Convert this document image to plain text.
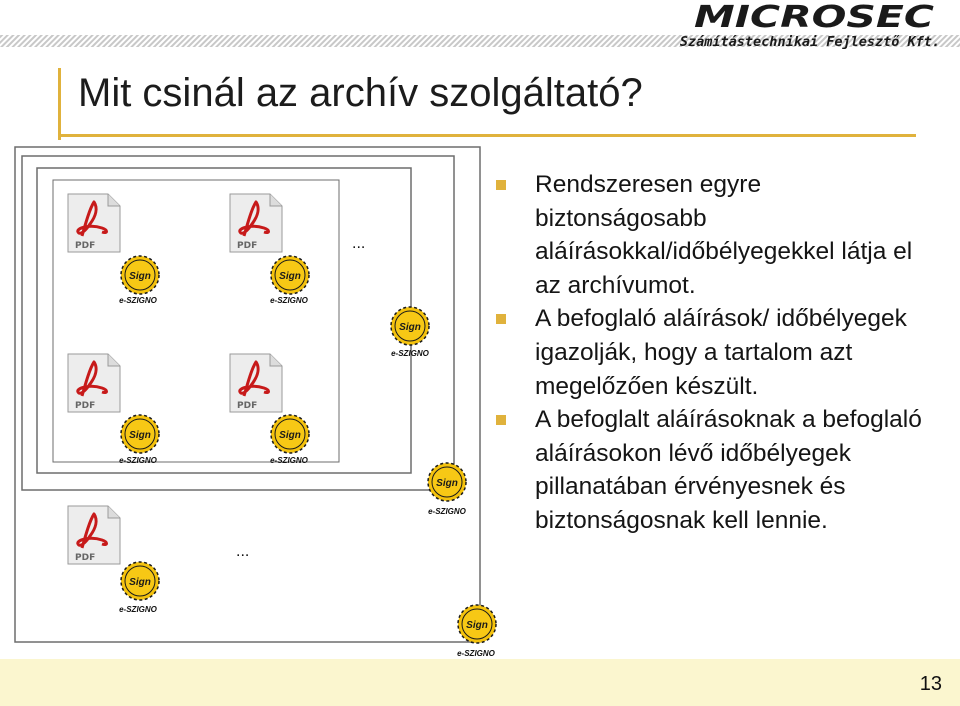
MICROSEC
Számítástechnikai Fejlesztő Kft.
Mit csinál az archív szolgáltató?
PDF
Sign
e-SZIGNO
PDF
Sign
e-SZIGNO
...
Sign
e-SZIGNO
PDF
Sign
e-SZIGNO
PDF
Sign
e-SZIGNO
Sign
e-SZIGNO
PDF
Sign
e-SZIGNO
...
Sign
e-SZIGNO
Rendszeresen egyre biztonságosabb aláírásokkal/időbélyegekkel látja el az archívumot.
A befoglaló aláírások/ időbélyegek igazolják, hogy a tartalom azt megelőzően készült.
A befoglalt aláírásoknak a befoglaló aláírásokon lévő időbélyegek pillanatában érvényesnek és biztonságosnak kell lennie.
13
